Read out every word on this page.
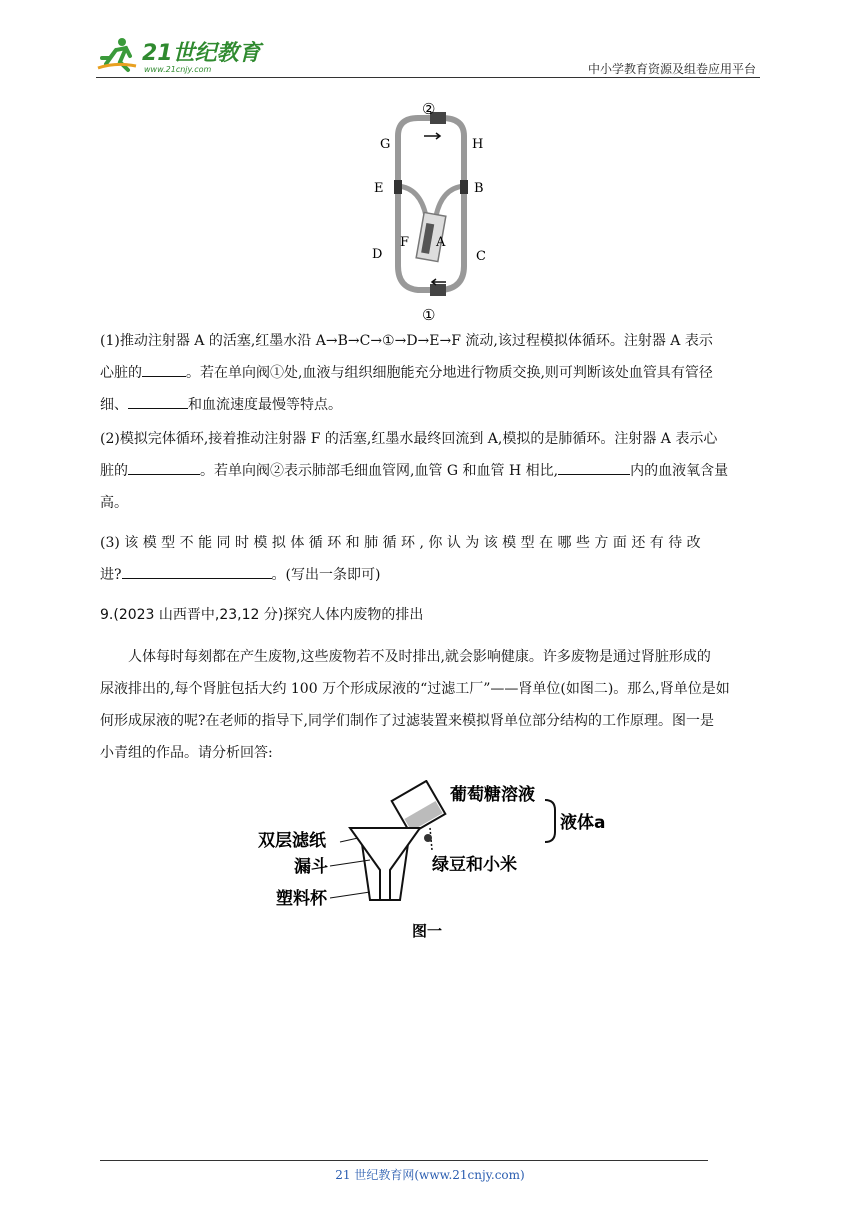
21世纪教育
www.21cnjy.com	中小学教育资源及组卷应用平台
②
①
G	H
E	B
D	C
F A

(1)推动注射器 A 的活塞,红墨水沿 A→B→C→①→D→E→F 流动,该过程模拟体循环。注射器 A 表示

心脏的	。若在单向阀①处,血液与组织细胞能充分地进行物质交换,则可判断该处血管具有管径

细、	和血流速度最慢等特点。

(2)模拟完体循环,接着推动注射器 F 的活塞,红墨水最终回流到 A,模拟的是肺循环。注射器 A 表示心

脏的	。若单向阀②表示肺部毛细血管网,血管 G 和血管 H 相比,	内的血液氧含量

高。

(3) 该 模 型 不 能 同 时 模 拟 体 循 环 和 肺 循 环 , 你 认 为 该 模 型 在 哪 些 方 面 还 有 待 改

进?	。(写出一条即可)

9.(2023 山西晋中,23,12 分)探究人体内废物的排出

人体每时每刻都在产生废物,这些废物若不及时排出,就会影响健康。许多废物是通过肾脏形成的

尿液排出的,每个肾脏包括大约 100 万个形成尿液的“过滤工厂”——肾单位(如图二)。那么,肾单位是如

何形成尿液的呢?在老师的指导下,同学们制作了过滤装置来模拟肾单位部分结构的工作原理。图一是

小青组的作品。请分析回答:

葡萄糖溶液
液体a
绿豆和小米
双层滤纸
漏斗
塑料杯
图一
21 世纪教育网(www.21cnjy.com)
